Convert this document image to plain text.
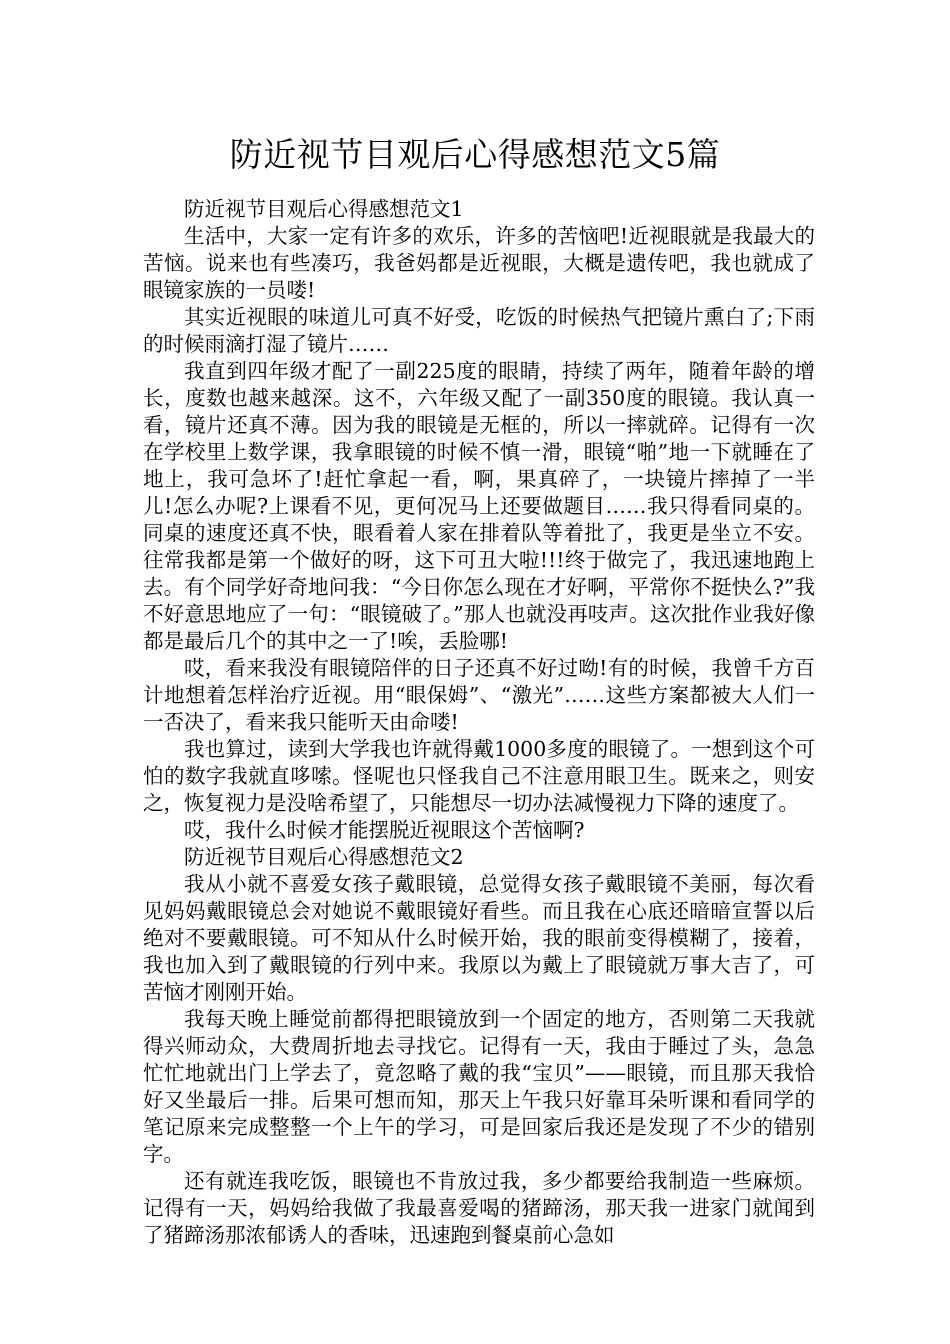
防近视节目观后心得感想范文5篇

防近视节目观后心得感想范文1

生活中，大家一定有许多的欢乐，许多的苦恼吧!近视眼就是我最大的苦恼。说来也有些凑巧，我爸妈都是近视眼，大概是遗传吧，我也就成了眼镜家族的一员喽!

其实近视眼的味道儿可真不好受，吃饭的时候热气把镜片熏白了;下雨的时候雨滴打湿了镜片……

我直到四年级才配了一副225度的眼睛，持续了两年，随着年龄的增长，度数也越来越深。这不，六年级又配了一副350度的眼镜。我认真一看，镜片还真不薄。因为我的眼镜是无框的，所以一摔就碎。记得有一次在学校里上数学课，我拿眼镜的时候不慎一滑，眼镜“啪”地一下就睡在了地上，我可急坏了!赶忙拿起一看，啊，果真碎了，一块镜片摔掉了一半儿!怎么办呢?上课看不见，更何况马上还要做题目……我只得看同桌的。同桌的速度还真不快，眼看着人家在排着队等着批了，我更是坐立不安。往常我都是第一个做好的呀，这下可丑大啦!!!终于做完了，我迅速地跑上去。有个同学好奇地问我：“今日你怎么现在才好啊，平常你不挺快么?”我不好意思地应了一句：“眼镜破了。”那人也就没再吱声。这次批作业我好像都是最后几个的其中之一了!唉，丢脸哪!

哎，看来我没有眼镜陪伴的日子还真不好过呦!有的时候，我曾千方百计地想着怎样治疗近视。用“眼保姆”、“激光”……这些方案都被大人们一一否决了，看来我只能听天由命喽!

我也算过，读到大学我也许就得戴1000多度的眼镜了。一想到这个可怕的数字我就直哆嗦。怪呢也只怪我自己不注意用眼卫生。既来之，则安之，恢复视力是没啥希望了，只能想尽一切办法减慢视力下降的速度了。

哎，我什么时候才能摆脱近视眼这个苦恼啊?

防近视节目观后心得感想范文2

我从小就不喜爱女孩子戴眼镜，总觉得女孩子戴眼镜不美丽，每次看见妈妈戴眼镜总会对她说不戴眼镜好看些。而且我在心底还暗暗宣誓以后绝对不要戴眼镜。可不知从什么时候开始，我的眼前变得模糊了，接着，我也加入到了戴眼镜的行列中来。我原以为戴上了眼镜就万事大吉了，可苦恼才刚刚开始。

我每天晚上睡觉前都得把眼镜放到一个固定的地方，否则第二天我就得兴师动众，大费周折地去寻找它。记得有一天，我由于睡过了头，急急忙忙地就出门上学去了，竟忽略了戴的我“宝贝”——眼镜，而且那天我恰好又坐最后一排。后果可想而知，那天上午我只好靠耳朵听课和看同学的笔记原来完成整整一个上午的学习，可是回家后我还是发现了不少的错别字。

还有就连我吃饭，眼镜也不肯放过我，多少都要给我制造一些麻烦。记得有一天，妈妈给我做了我最喜爱喝的猪蹄汤，那天我一进家门就闻到了猪蹄汤那浓郁诱人的香味，迅速跑到餐桌前心急如
